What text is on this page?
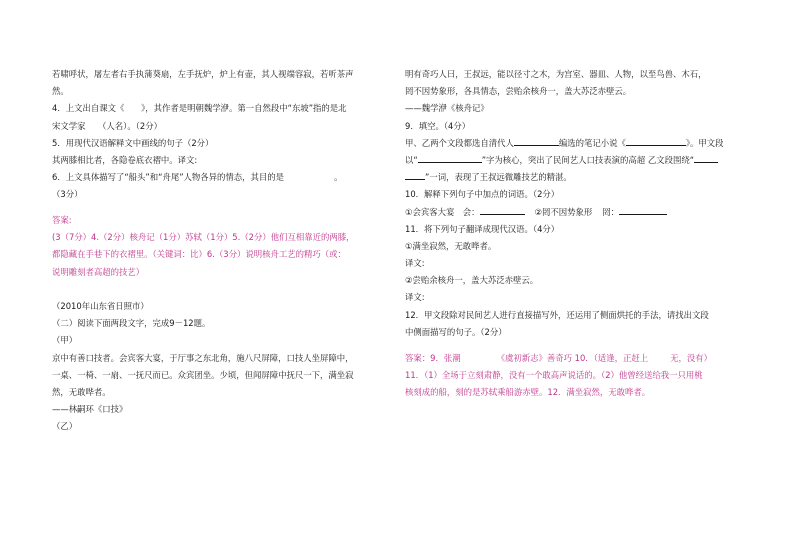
若啸呼状，屠左者右手执蒲葵扇，左手抚炉，炉上有壶，其人视端容寂，若听茶声
然。
4．上文出自课文《　　》，其作者是明朝魏学洢。第一自然段中“东坡”指的是北
宋文学家　　（人名）。（2分）
5．用现代汉语解释文中画线的句子（2分）
其两膝相比者，各隐卷底衣褶中。译文:
6．上文具体描写了“船头”和“舟尾”人物各异的情态，其目的是	。
（3分）
答案:
(3（7分）4.（2分）核舟记（1分）苏轼（1分）5.（2分）他们互相靠近的两膝，
都隐藏在手巷下的衣褶里。（关键词：比）6.（3分）说明核舟工艺的精巧（或：
说明雕刻者高超的技艺）
（2010年山东省日照市）
（二）阅读下面两段文字，完成9－12题。
（甲）
京中有善口技者。会宾客大宴，于厅事之东北角，施八尺屏障，口技人坐屏障中，
一桌、一椅、一扇、一抚尺而已。众宾团坐。少顷，但闻屏障中抚尺一下，满坐寂
然，无敢哗者。
——林嗣环《口技》
（乙）
明有奇巧人曰，王叔远，能以径寸之木，为宫室、器皿、人物，以至鸟兽、木石，
罔不因势象形，各具情态，尝贻余核舟一，盖大苏泛赤壁云。
——魏学洢《核舟记》
9．填空。（4分）
甲、乙两个文段都选自清代人	编选的笔记小说《	》。甲文段
以“	”字为核心，突出了民间艺人口技表演的高超 乙文段围绕“
”一词，表现了王叔远微雕技艺的精湛。
10．解释下列句子中加点的词语。（2分）
①会宾客大宴　会：	②罔不因势象形 罔：
11．将下列句子翻译成现代汉语。（4分）
①满坐寂然，无敢哗者。
译文:
②尝贻余核舟一，盖大苏泛赤壁云。
译文:
12．甲文段除对民间艺人进行直接描写外，还运用了侧面烘托的手法，请找出文段
中侧面描写的句子。（2分）
答案：9．张潮	《虞初新志》善奇巧 10．（适逢，正赶上	无，没有）
11．（1）全场于立刻肃静，没有一个敢高声说话的。（2）他曾经送给我一只用桃
核刻成的船，刻的是苏轼乘船游赤壁。12．满坐寂然，无敢哗者。
